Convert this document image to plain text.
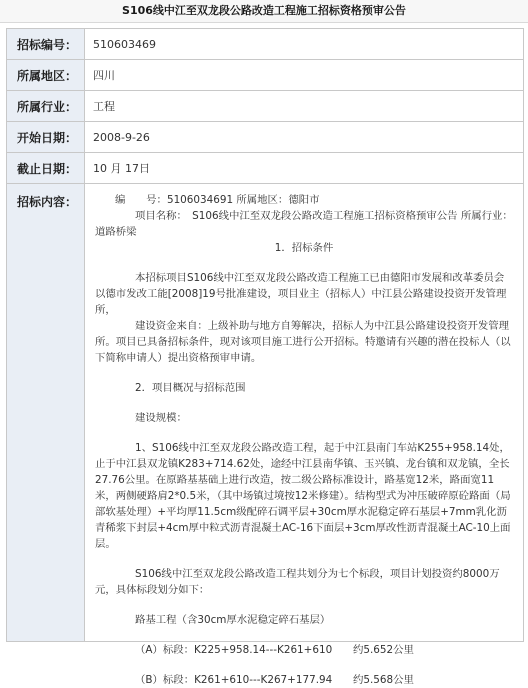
S106线中江至双龙段公路改造工程施工招标资格预审公告
招标编号：	510603469
所属地区：	四川
所属行业：	工程
开始日期：	2008-9-26
截止日期：	10 月 17日
招标内容：	编　　号：5106034691 所属地区：德阳市

项目名称：　S106线中江至双龙段公路改造工程施工招标资格预审公告 所属行业：道路桥梁

1．招标条件

本招标项目S106线中江至双龙段公路改造工程施工已由德阳市发展和改革委员会以德市发改工能[2008]19号批准建设，项目业主（招标人）中江县公路建设投资开发管理所，

建设资金来自：上级补助与地方自筹解决，招标人为中江县公路建设投资开发管理所。项目已具备招标条件，现对该项目施工进行公开招标。特邀请有兴趣的潜在投标人（以下简称申请人）提出资格预审申请。

2．项目概况与招标范围

建设规模：

1、S106线中江至双龙段公路改造工程，起于中江县南门车站K255+958.14处，止于中江县双龙镇K283+714.62处，途经中江县南华镇、玉兴镇、龙台镇和双龙镇，全长27.76公里。在原路基基础上进行改造，按二级公路标准设计，路基宽12米，路面宽11米，两侧硬路肩2*0.5米，（其中场镇过境按12米修建）。结构型式为冲压破碎原砼路面（局部软基处理）+平均厚11.5cm级配碎石调平层+30cm厚水泥稳定碎石基层+7mm乳化沥青稀浆下封层+4cm厚中粒式沥青混凝土AC-16下面层+3cm厚改性沥青混凝土AC-10上面层。

S106线中江至双龙段公路改造工程共划分为七个标段，项目计划投资约8000万元，具体标段划分如下：

路基工程（含30cm厚水泥稳定碎石基层）

（A）标段：K225+958.14---K261+610　　约5.652公里

（B）标段：K261+610---K267+177.94　　约5.568公里
